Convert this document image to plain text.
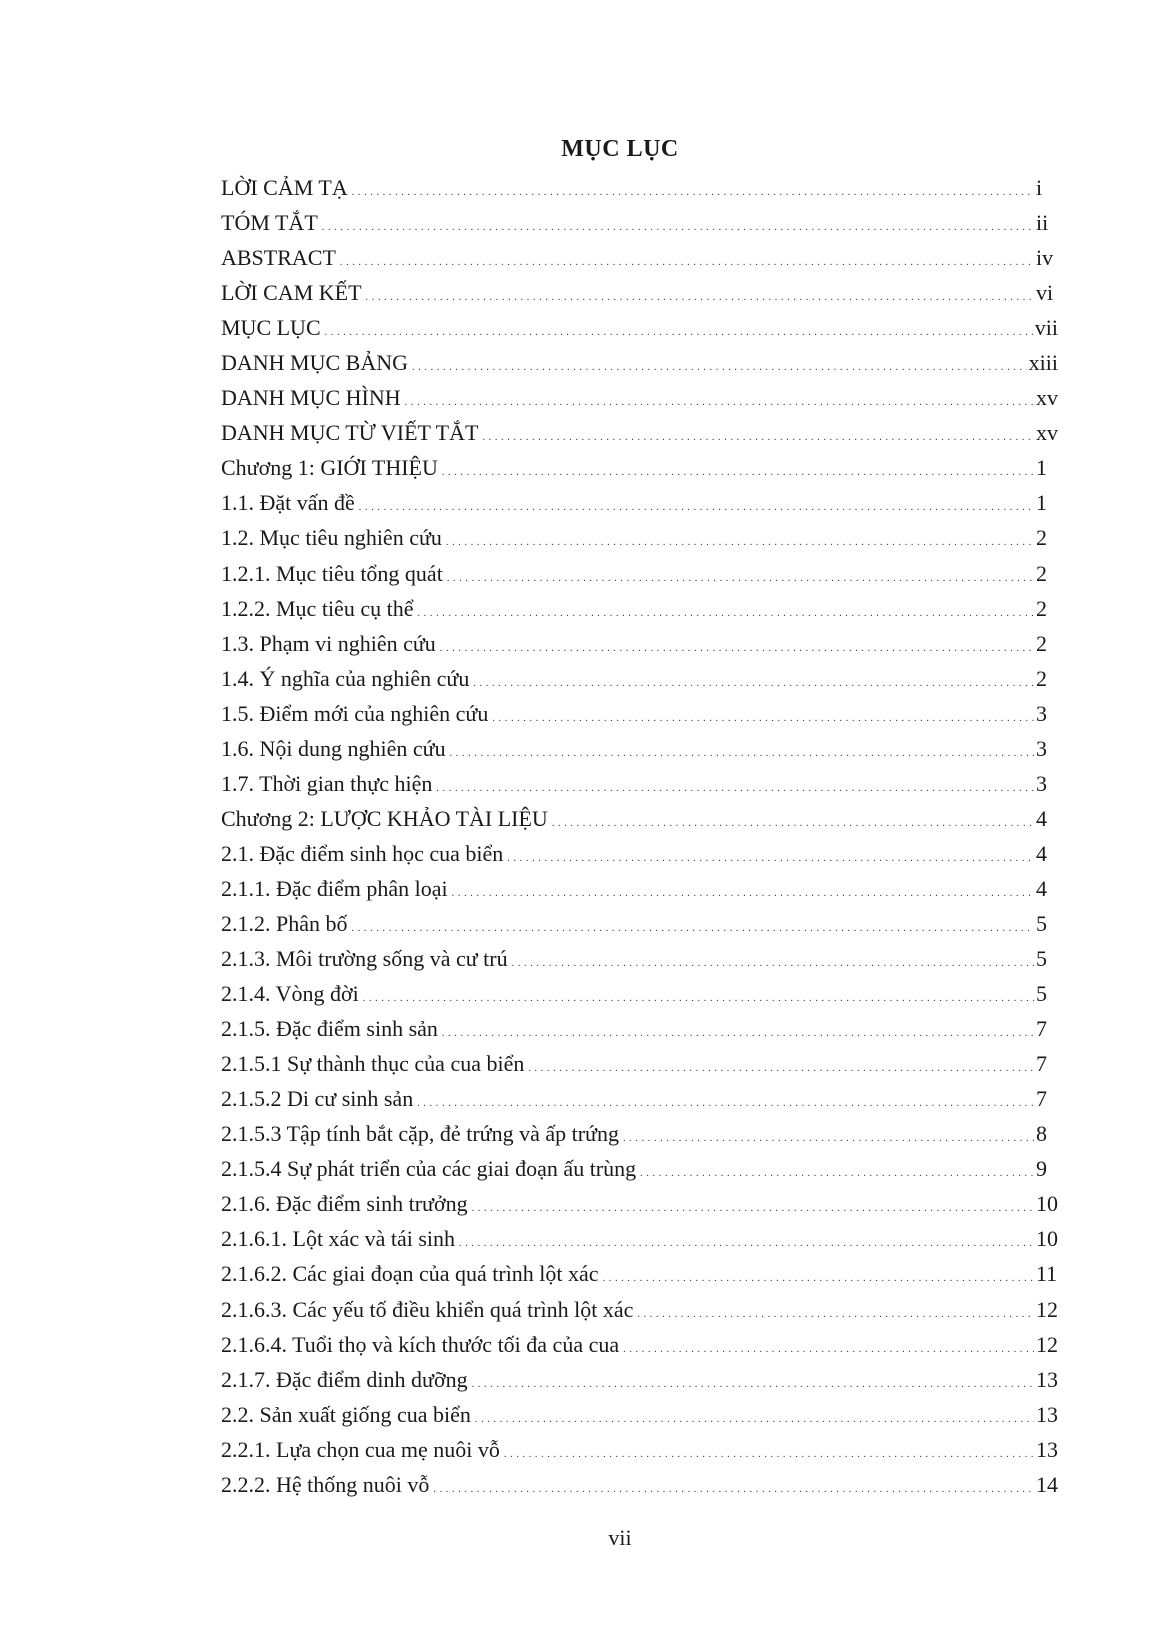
MỤC LỤC
LỜI CẢM TẠ . . .	i
TÓM TẮT . . .	ii
ABSTRACT . . .	iv
LỜI CAM KẾT . . .	vi
MỤC LỤC . . .	vii
DANH MỤC BẢNG . . .	xiii
DANH MỤC HÌNH . . .	xv
DANH MỤC TỪ VIẾT TẮT . . .	xv
Chương 1: GIỚI THIỆU . . .	1
1.1. Đặt vấn đề . . .	1
1.2. Mục tiêu nghiên cứu . . .	2
1.2.1. Mục tiêu tổng quát . . .	2
1.2.2. Mục tiêu cụ thể . . .	2
1.3. Phạm vi nghiên cứu . . .	2
1.4. Ý nghĩa của nghiên cứu . . .	2
1.5. Điểm mới của nghiên cứu . . .	3
1.6. Nội dung nghiên cứu . . .	3
1.7. Thời gian thực hiện . . .	3
Chương 2: LƯỢC KHẢO TÀI LIỆU . . .	4
2.1. Đặc điểm sinh học cua biển . . .	4
2.1.1. Đặc điểm phân loại . . .	4
2.1.2. Phân bố . . .	5
2.1.3. Môi trường sống và cư trú . . .	5
2.1.4. Vòng đời . . .	5
2.1.5. Đặc điểm sinh sản . . .	7
2.1.5.1 Sự thành thục của cua biển . . .	7
2.1.5.2 Di cư sinh sản . . .	7
2.1.5.3 Tập tính bắt cặp, đẻ trứng và ấp trứng . . .	8
2.1.5.4 Sự phát triển của các giai đoạn ấu trùng . . .	9
2.1.6. Đặc điểm sinh trưởng . . .	10
2.1.6.1. Lột xác và tái sinh . . .	10
2.1.6.2. Các giai đoạn của quá trình lột xác . . .	11
2.1.6.3. Các yếu tố điều khiển quá trình lột xác . . .	12
2.1.6.4. Tuổi thọ và kích thước tối đa của cua . . .	12
2.1.7. Đặc điểm dinh dưỡng . . .	13
2.2. Sản xuất giống cua biển . . .	13
2.2.1. Lựa chọn cua mẹ nuôi vỗ . . .	13
2.2.2. Hệ thống nuôi vỗ . . .	14
vii
